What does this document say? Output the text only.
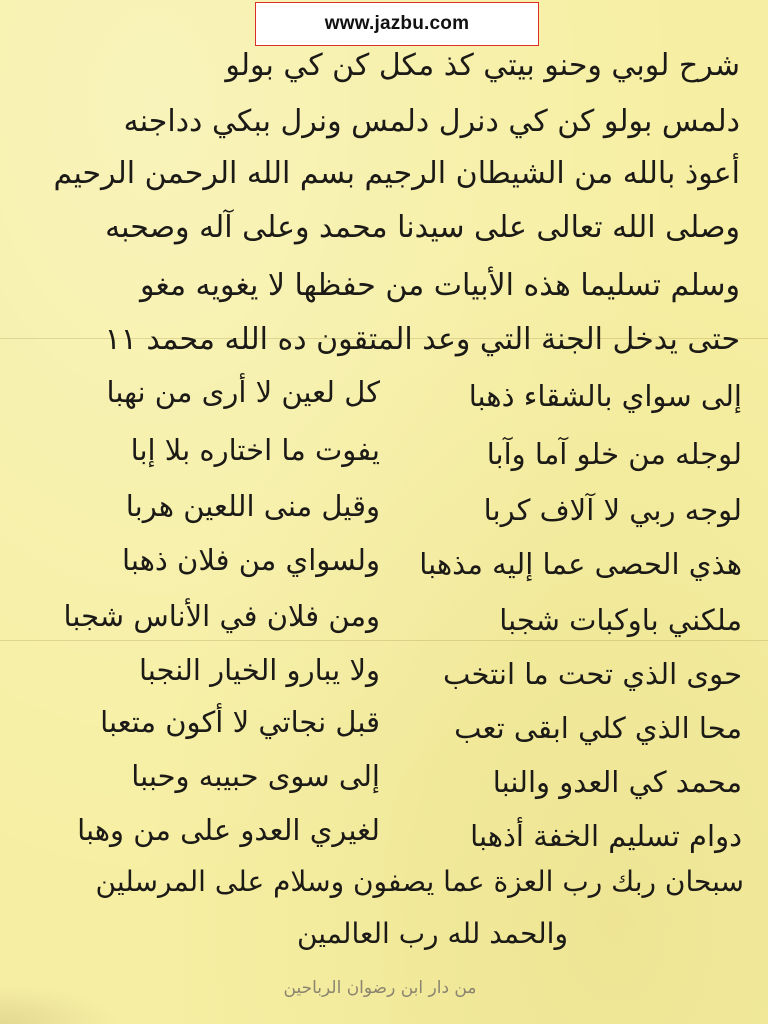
www.jazbu.com
شرح لوبي وحنو بيتي كذ مكل كن كي بولو
دلمس بولو كن كي دنرل دلمس ونرل ببكي دداجنه
أعوذ بالله من الشيطان الرجيم بسم الله الرحمن الرحيم
وصلى الله تعالى على سيدنا محمد وعلى آله وصحبه
وسلم تسليما هذه الأبيات من حفظها لا يغويه مغو
حتى يدخل الجنة التي وعد المتقون ده الله محمد ١١
إلى سواي بالشقاء ذهبا
كل لعين لا أرى من نهبا
لوجله من خلو آما وآبا
يفوت ما اختاره بلا إبا
لوجه ربي لا آلاف كربا
وقيل منى اللعين هربا
هذي الحصى عما إليه مذهبا
ولسواي من فلان ذهبا
ملكني باوكبات شجبا
ومن فلان في الأناس شجبا
حوى الذي تحت ما انتخب
ولا يبارو الخيار النجبا
محا الذي كلي ابقى تعب
قبل نجاتي لا أكون متعبا
محمد كي العدو والنبا
إلى سوى حبيبه وحببا
دوام تسليم الخفة أذهبا
لغيري العدو على من وهبا
سبحان ربك رب العزة عما يصفون وسلام على المرسلين
والحمد لله رب العالمين
من دار ابن رضوان الرباحين
